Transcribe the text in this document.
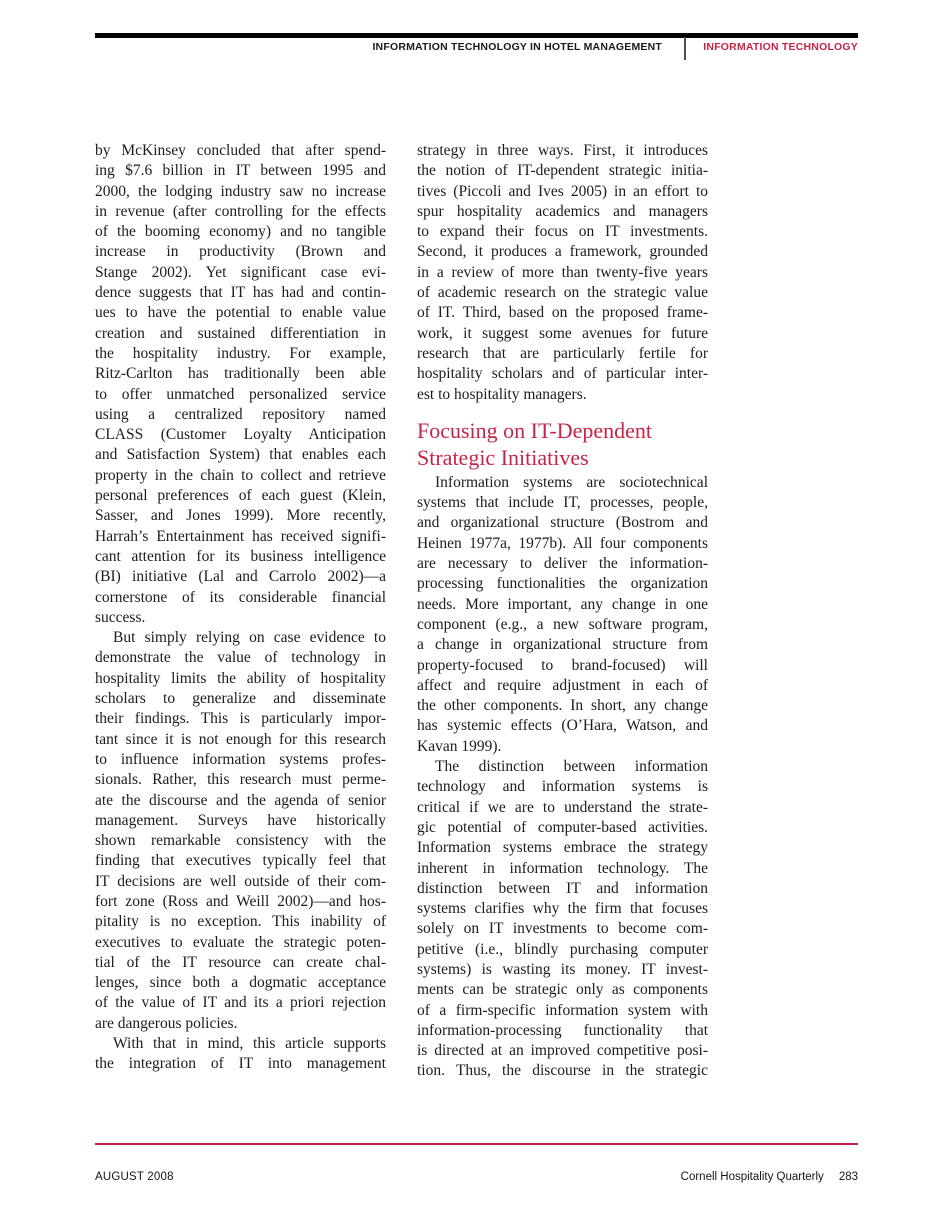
INFORMATION TECHNOLOGY IN HOTEL MANAGEMENT	INFORMATION TECHNOLOGY
by McKinsey concluded that after spend-
ing $7.6 billion in IT between 1995 and
2000, the lodging industry saw no increase
in revenue (after controlling for the effects
of the booming economy) and no tangible
increase in productivity (Brown and
Stange 2002). Yet significant case evi-
dence suggests that IT has had and contin-
ues to have the potential to enable value
creation and sustained differentiation in
the hospitality industry. For example,
Ritz-Carlton has traditionally been able
to offer unmatched personalized service
using a centralized repository named
CLASS (Customer Loyalty Anticipation
and Satisfaction System) that enables each
property in the chain to collect and retrieve
personal preferences of each guest (Klein,
Sasser, and Jones 1999). More recently,
Harrah’s Entertainment has received signifi-
cant attention for its business intelligence
(BI) initiative (Lal and Carrolo 2002)—a
cornerstone of its considerable financial
success.
But simply relying on case evidence to
demonstrate the value of technology in
hospitality limits the ability of hospitality
scholars to generalize and disseminate
their findings. This is particularly impor-
tant since it is not enough for this research
to influence information systems profes-
sionals. Rather, this research must perme-
ate the discourse and the agenda of senior
management. Surveys have historically
shown remarkable consistency with the
finding that executives typically feel that
IT decisions are well outside of their com-
fort zone (Ross and Weill 2002)—and hos-
pitality is no exception. This inability of
executives to evaluate the strategic poten-
tial of the IT resource can create chal-
lenges, since both a dogmatic acceptance
of the value of IT and its a priori rejection
are dangerous policies.
With that in mind, this article supports
the integration of IT into management
strategy in three ways. First, it introduces
the notion of IT-dependent strategic initia-
tives (Piccoli and Ives 2005) in an effort to
spur hospitality academics and managers
to expand their focus on IT investments.
Second, it produces a framework, grounded
in a review of more than twenty-five years
of academic research on the strategic value
of IT. Third, based on the proposed frame-
work, it suggest some avenues for future
research that are particularly fertile for
hospitality scholars and of particular inter-
est to hospitality managers.
Focusing on IT-Dependent
Strategic Initiatives
Information systems are sociotechnical
systems that include IT, processes, people,
and organizational structure (Bostrom and
Heinen 1977a, 1977b). All four components
are necessary to deliver the information-
processing functionalities the organization
needs. More important, any change in one
component (e.g., a new software program,
a change in organizational structure from
property-focused to brand-focused) will
affect and require adjustment in each of
the other components. In short, any change
has systemic effects (O’Hara, Watson, and
Kavan 1999).
The distinction between information
technology and information systems is
critical if we are to understand the strate-
gic potential of computer-based activities.
Information systems embrace the strategy
inherent in information technology. The
distinction between IT and information
systems clarifies why the firm that focuses
solely on IT investments to become com-
petitive (i.e., blindly purchasing computer
systems) is wasting its money. IT invest-
ments can be strategic only as components
of a firm-specific information system with
information-processing functionality that
is directed at an improved competitive posi-
tion. Thus, the discourse in the strategic
AUGUST 2008	Cornell Hospitality Quarterly 283
